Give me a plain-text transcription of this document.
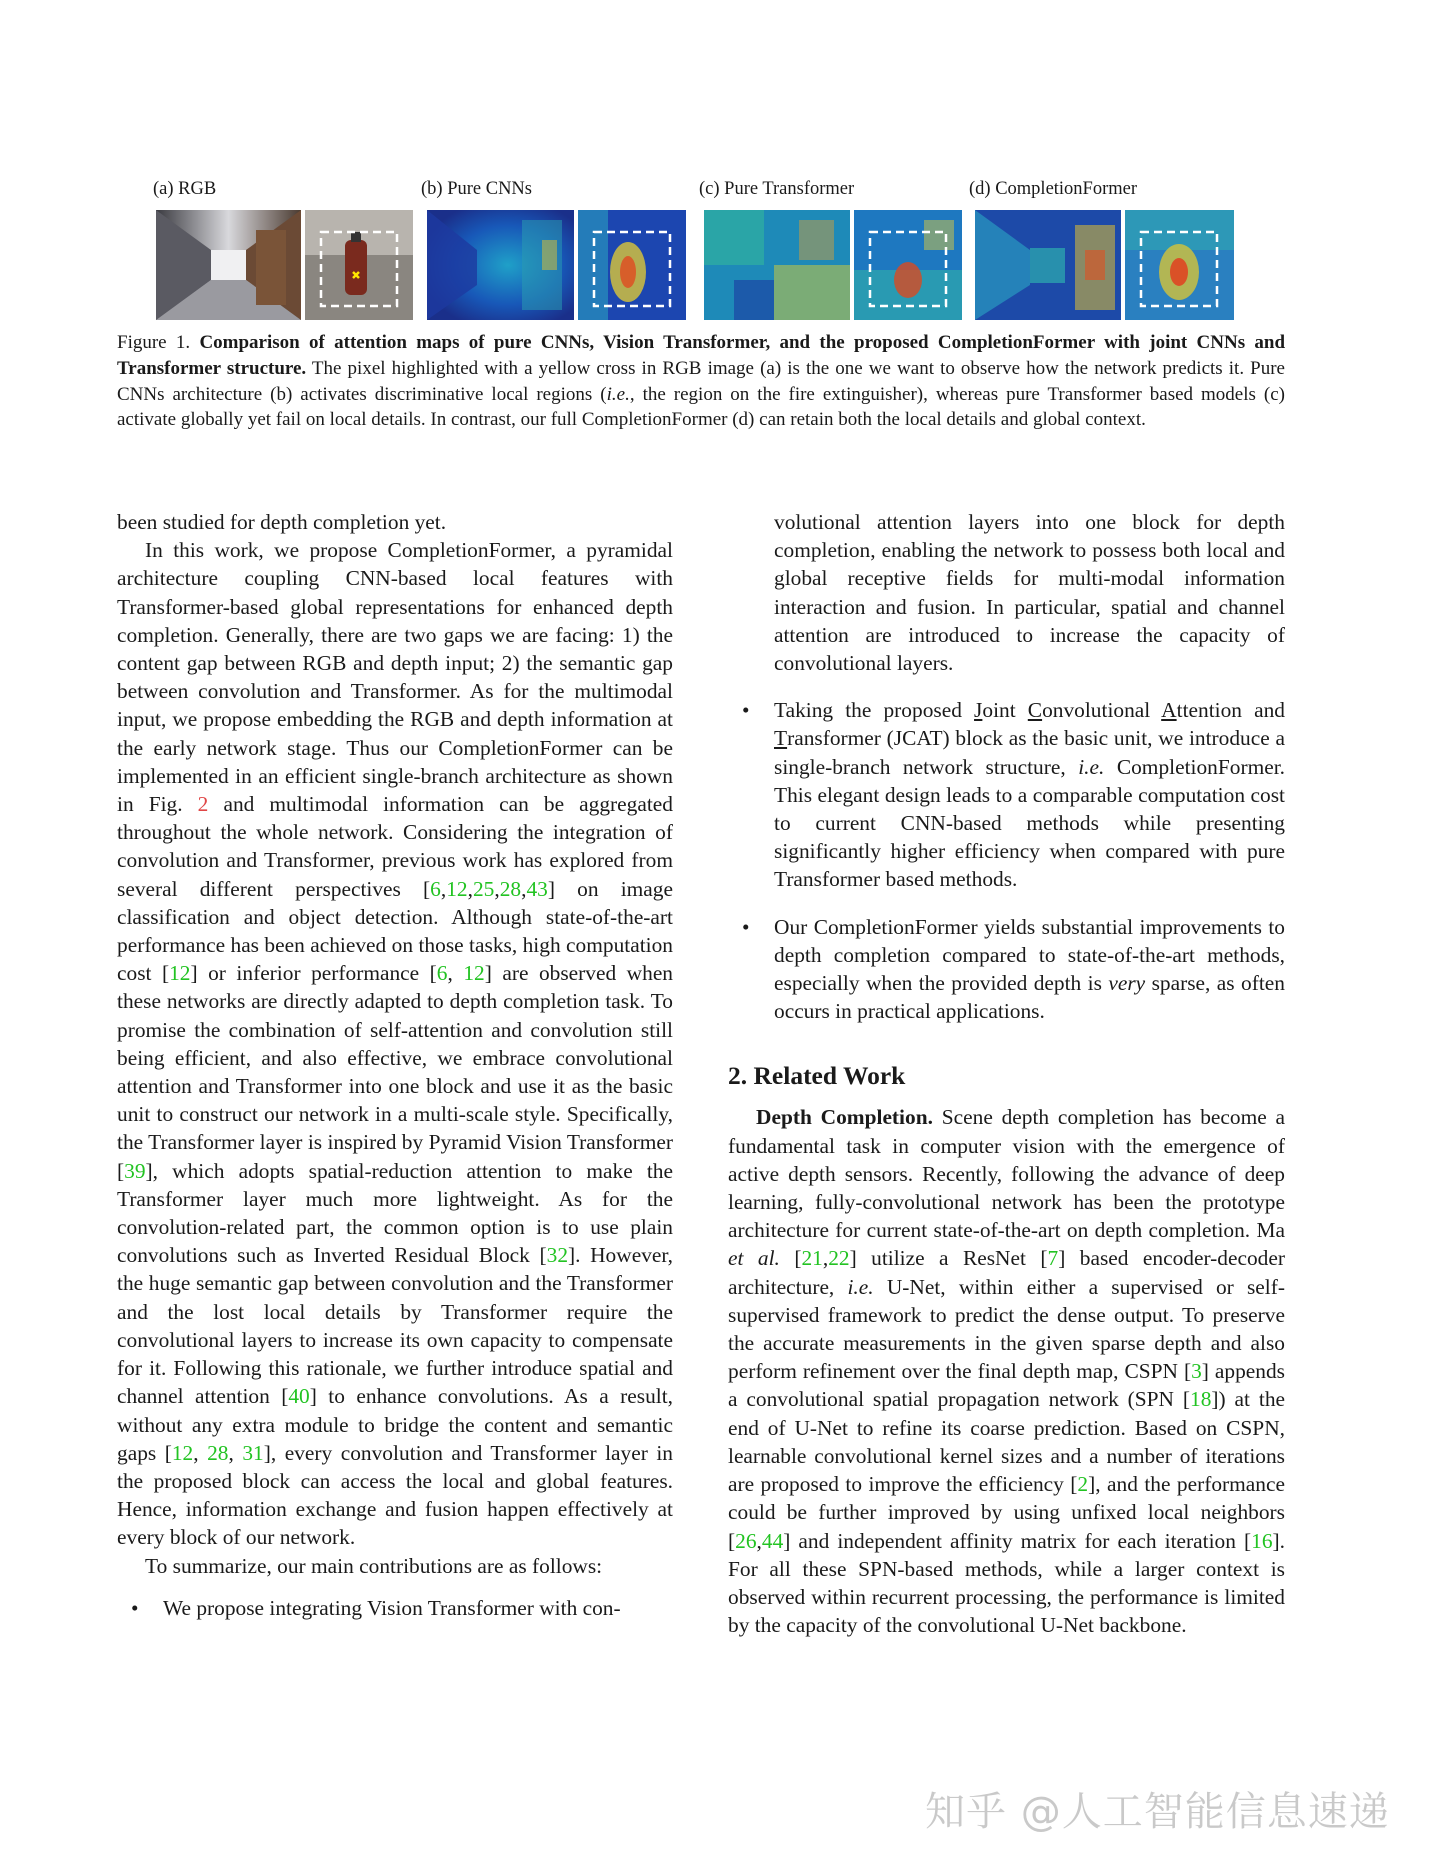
(a) RGB	(b) Pure CNNs	(c) Pure Transformer	(d) CompletionFormer
Figure 1. Comparison of attention maps of pure CNNs, Vision Transformer, and the proposed CompletionFormer with joint CNNs and Transformer structure. The pixel highlighted with a yellow cross in RGB image (a) is the one we want to observe how the network predicts it. Pure CNNs architecture (b) activates discriminative local regions (i.e., the region on the fire extinguisher), whereas pure Transformer based models (c) activate globally yet fail on local details. In contrast, our full CompletionFormer (d) can retain both the local details and global context.

been studied for depth completion yet.

In this work, we propose CompletionFormer, a pyramidal architecture coupling CNN-based local features with Transformer-based global representations for enhanced depth completion. Generally, there are two gaps we are facing: 1) the content gap between RGB and depth input; 2) the semantic gap between convolution and Transformer. As for the multimodal input, we propose embedding the RGB and depth information at the early network stage. Thus our CompletionFormer can be implemented in an efficient single-branch architecture as shown in Fig. 2 and multimodal information can be aggregated throughout the whole network. Considering the integration of convolution and Transformer, previous work has explored from several different perspectives [6,12,25,28,43] on image classification and object detection. Although state-of-the-art performance has been achieved on those tasks, high computation cost [12] or inferior performance [6, 12] are observed when these networks are directly adapted to depth completion task. To promise the combination of self-attention and convolution still being efficient, and also effective, we embrace convolutional attention and Transformer into one block and use it as the basic unit to construct our network in a multi-scale style. Specifically, the Transformer layer is inspired by Pyramid Vision Transformer [39], which adopts spatial-reduction attention to make the Transformer layer much more lightweight. As for the convolution-related part, the common option is to use plain convolutions such as Inverted Residual Block [32]. However, the huge semantic gap between convolution and the Transformer and the lost local details by Transformer require the convolutional layers to increase its own capacity to compensate for it. Following this rationale, we further introduce spatial and channel attention [40] to enhance convolutions. As a result, without any extra module to bridge the content and semantic gaps [12, 28, 31], every convolution and Transformer layer in the proposed block can access the local and global features. Hence, information exchange and fusion happen effectively at every block of our network.

To summarize, our main contributions are as follows:

• We propose integrating Vision Transformer with con-

volutional attention layers into one block for depth completion, enabling the network to possess both local and global receptive fields for multi-modal information interaction and fusion. In particular, spatial and channel attention are introduced to increase the capacity of convolutional layers.

• Taking the proposed Joint Convolutional Attention and Transformer (JCAT) block as the basic unit, we introduce a single-branch network structure, i.e. CompletionFormer. This elegant design leads to a comparable computation cost to current CNN-based methods while presenting significantly higher efficiency when compared with pure Transformer based methods.
• Our CompletionFormer yields substantial improvements to depth completion compared to state-of-the-art methods, especially when the provided depth is very sparse, as often occurs in practical applications.

2. Related Work

Depth Completion. Scene depth completion has become a fundamental task in computer vision with the emergence of active depth sensors. Recently, following the advance of deep learning, fully-convolutional network has been the prototype architecture for current state-of-the-art on depth completion. Ma et al. [21,22] utilize a ResNet [7] based encoder-decoder architecture, i.e. U-Net, within either a supervised or self-supervised framework to predict the dense output. To preserve the accurate measurements in the given sparse depth and also perform refinement over the final depth map, CSPN [3] appends a convolutional spatial propagation network (SPN [18]) at the end of U-Net to refine its coarse prediction. Based on CSPN, learnable convolutional kernel sizes and a number of iterations are proposed to improve the efficiency [2], and the performance could be further improved by using unfixed local neighbors [26,44] and independent affinity matrix for each iteration [16]. For all these SPN-based methods, while a larger context is observed within recurrent processing, the performance is limited by the capacity of the convolutional U-Net backbone.

知乎 @人工智能信息速递
